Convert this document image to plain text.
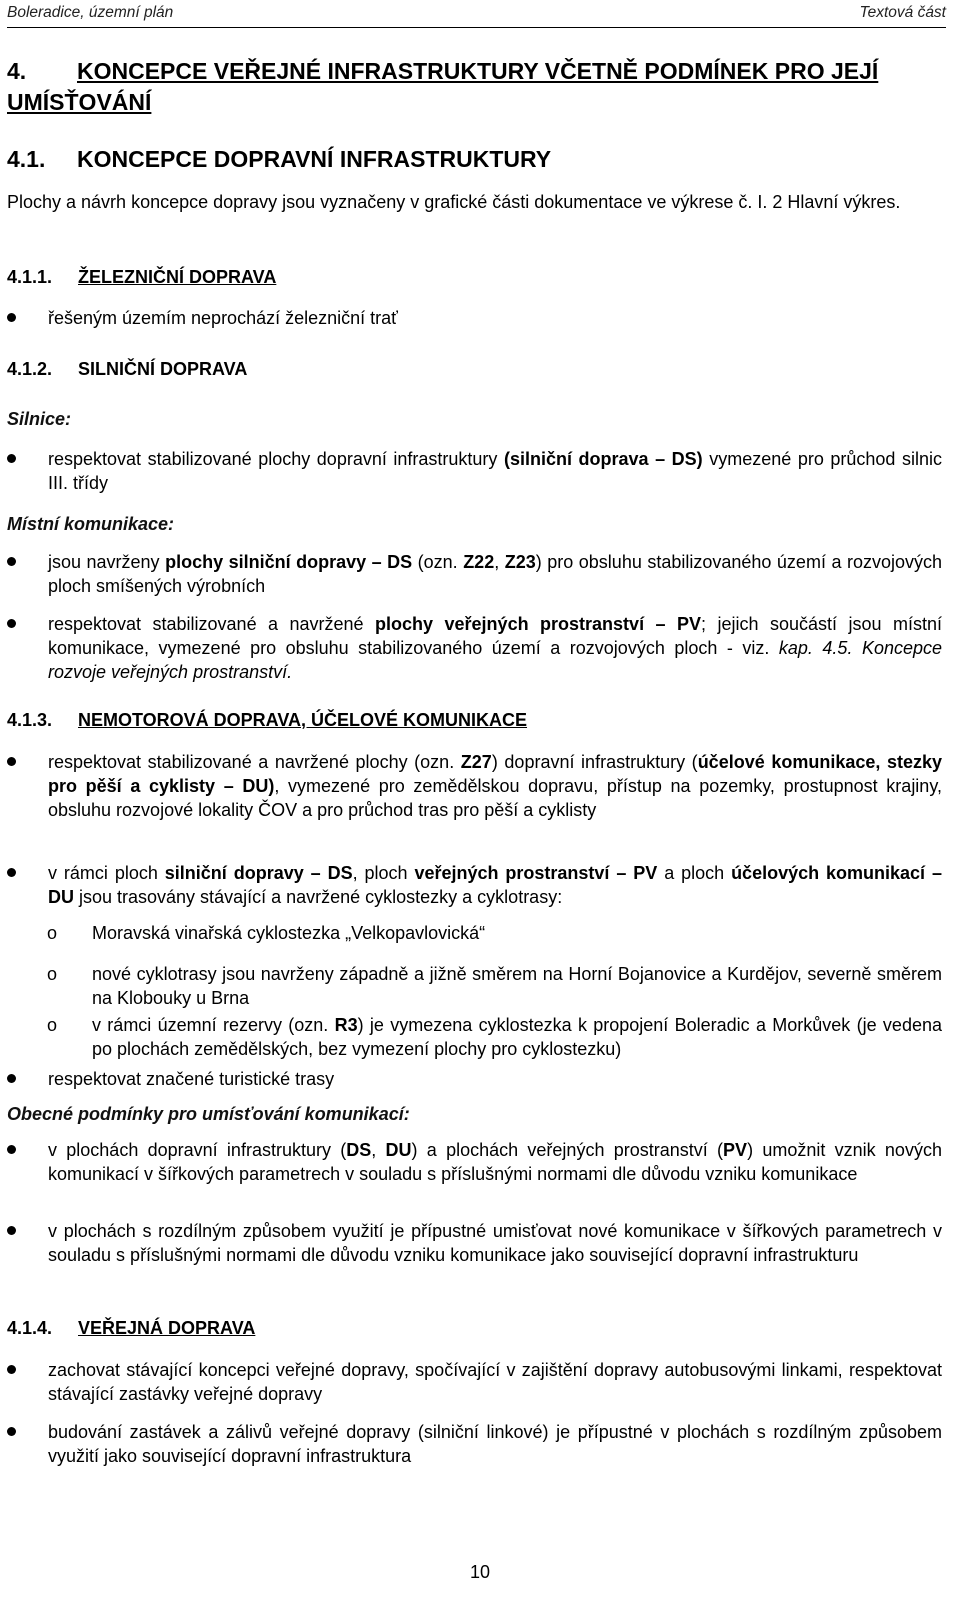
Boleradice, územní plán	Textová část
4. KONCEPCE VEŘEJNÉ INFRASTRUKTURY VČETNĚ PODMÍNEK PRO JEJÍ UMÍSŤOVÁNÍ
4.1. KONCEPCE DOPRAVNÍ INFRASTRUKTURY
Plochy a návrh koncepce dopravy jsou vyznačeny v grafické části dokumentace ve výkrese č. I. 2 Hlavní výkres.
4.1.1. ŽELEZNIČNÍ DOPRAVA
řešeným územím neprochází železniční trať
4.1.2. SILNIČNÍ DOPRAVA
Silnice:
respektovat stabilizované plochy dopravní infrastruktury (silniční doprava – DS) vymezené pro průchod silnic III. třídy
Místní komunikace:
jsou navrženy plochy silniční dopravy – DS (ozn. Z22, Z23) pro obsluhu stabilizovaného území a rozvojových ploch smíšených výrobních
respektovat stabilizované a navržené plochy veřejných prostranství – PV; jejich součástí jsou místní komunikace, vymezené pro obsluhu stabilizovaného území a rozvojových ploch - viz. kap. 4.5. Koncepce rozvoje veřejných prostranství.
4.1.3. NEMOTOROVÁ DOPRAVA, ÚČELOVÉ KOMUNIKACE
respektovat stabilizované a navržené plochy (ozn. Z27) dopravní infrastruktury (účelové komunikace, stezky pro pěší a cyklisty – DU), vymezené pro zemědělskou dopravu, přístup na pozemky, prostupnost krajiny, obsluhu rozvojové lokality ČOV a pro průchod tras pro pěší a cyklisty
v rámci ploch silniční dopravy – DS, ploch veřejných prostranství – PV a ploch účelových komunikací – DU jsou trasovány stávající a navržené cyklostezky a cyklotrasy:
o Moravská vinařská cyklostezka „Velkopavlovická“
o nové cyklotrasy jsou navrženy západně a jižně směrem na Horní Bojanovice a Kurdějov, severně směrem na Klobouky u Brna
o v rámci územní rezervy (ozn. R3) je vymezena cyklostezka k propojení Boleradic a Morkůvek (je vedena po plochách zemědělských, bez vymezení plochy pro cyklostezku)
respektovat značené turistické trasy
Obecné podmínky pro umísťování komunikací:
v plochách dopravní infrastruktury (DS, DU) a plochách veřejných prostranství (PV) umožnit vznik nových komunikací v šířkových parametrech v souladu s příslušnými normami dle důvodu vzniku komunikace
v plochách s rozdílným způsobem využití je přípustné umisťovat nové komunikace v šířkových parametrech v souladu s příslušnými normami dle důvodu vzniku komunikace jako související dopravní infrastrukturu
4.1.4. VEŘEJNÁ DOPRAVA
zachovat stávající koncepci veřejné dopravy, spočívající v zajištění dopravy autobusovými linkami, respektovat stávající zastávky veřejné dopravy
budování zastávek a zálivů veřejné dopravy (silniční linkové) je přípustné v plochách s rozdílným způsobem využití jako související dopravní infrastruktura
10
